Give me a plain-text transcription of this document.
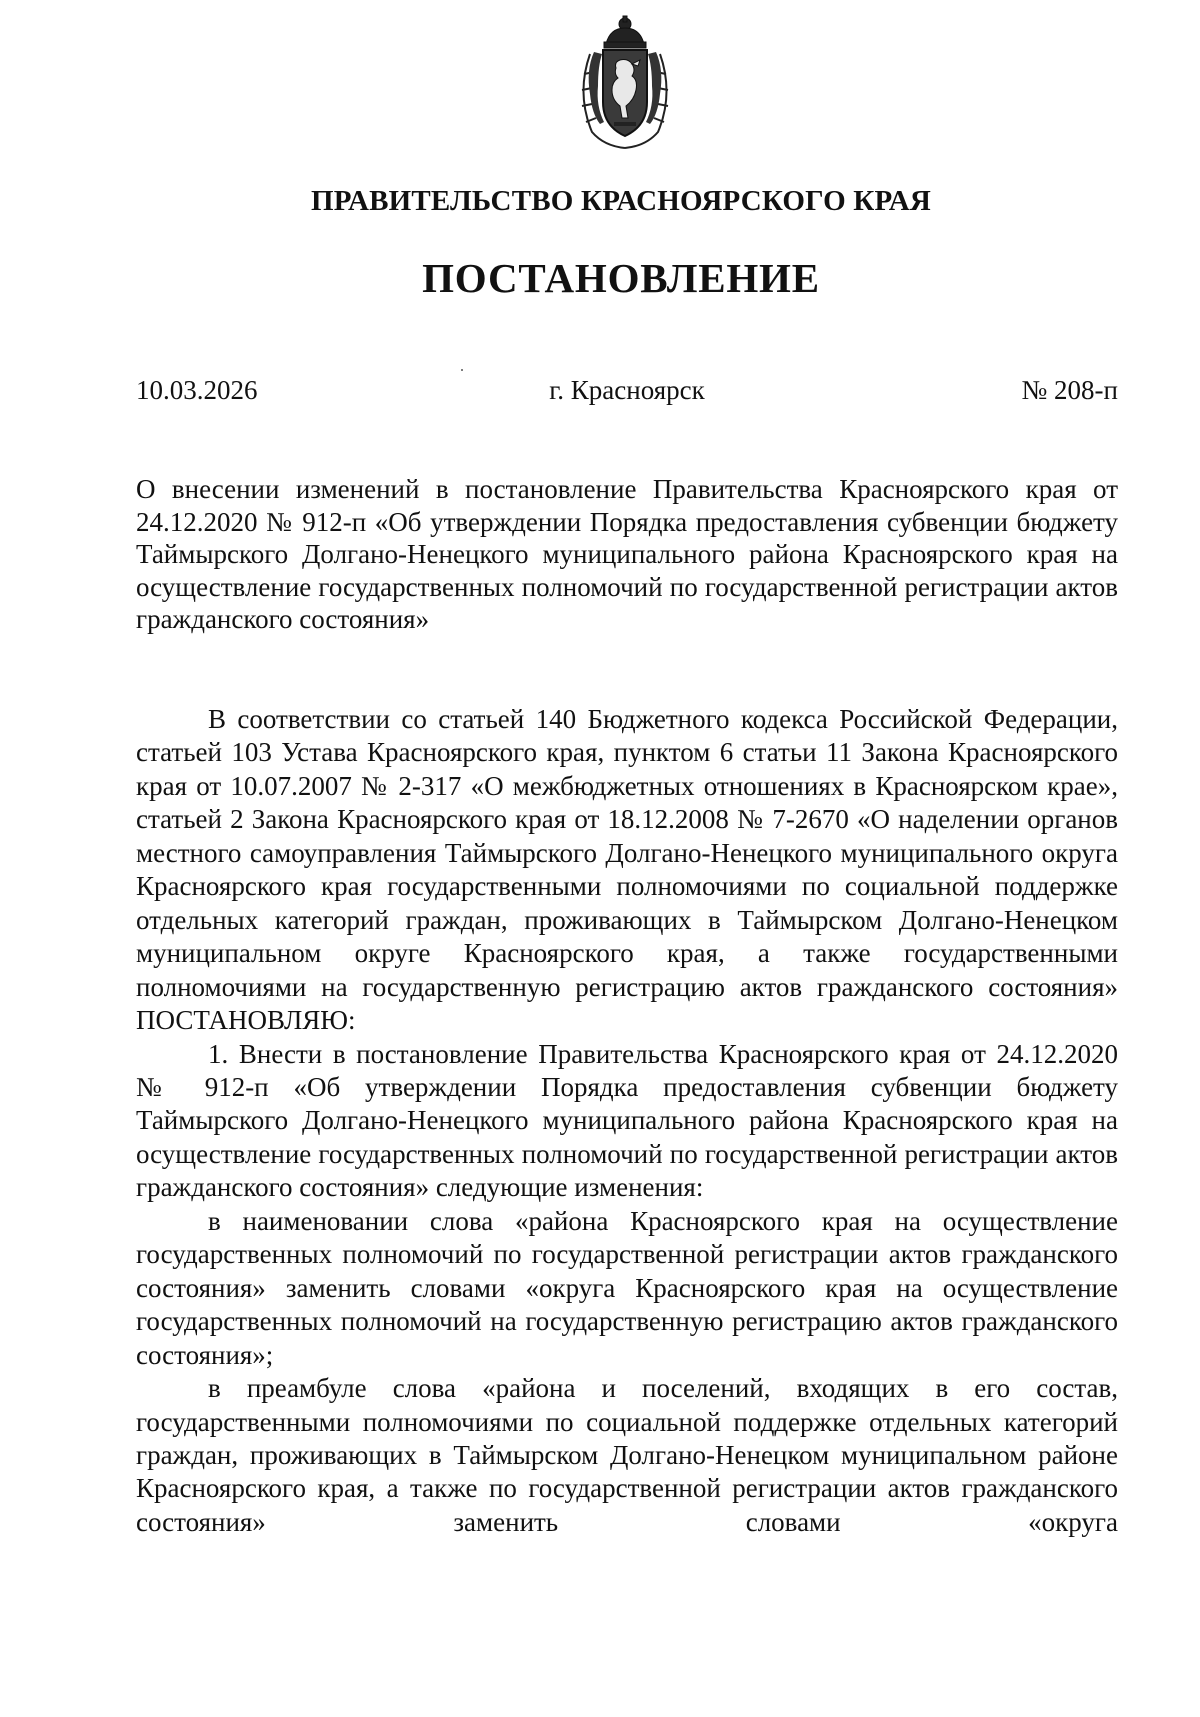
ПРАВИТЕЛЬСТВО КРАСНОЯРСКОГО КРАЯ
ПОСТАНОВЛЕНИЕ
10.03.2026	г. Красноярск	№ 208-п
О внесении изменений в постановление Правительства Красноярского края от 24.12.2020 № 912-п «Об утверждении Порядка предоставления субвенции бюджету Таймырского Долгано-Ненецкого муниципального района Красноярского края на осуществление государственных полномочий по государственной регистрации актов гражданского состояния»

В соответствии со статьей 140 Бюджетного кодекса Российской Федерации, статьей 103 Устава Красноярского края, пунктом 6 статьи 11 Закона Красноярского края от 10.07.2007 № 2-317 «О межбюджетных отношениях в Красноярском крае», статьей 2 Закона Красноярского края от 18.12.2008 № 7-2670 «О наделении органов местного самоуправления Таймырского Долгано-Ненецкого муниципального округа Красноярского края государственными полномочиями по социальной поддержке отдельных категорий граждан, проживающих в Таймырском Долгано-Ненецком муниципальном округе Красноярского края, а также государственными полномочиями на государственную регистрацию актов гражданского состояния» ПОСТАНОВЛЯЮ:

1. Внести в постановление Правительства Красноярского края от 24.12.2020 № 912-п «Об утверждении Порядка предоставления субвенции бюджету Таймырского Долгано-Ненецкого муниципального района Красноярского края на осуществление государственных полномочий по государственной регистрации актов гражданского состояния» следующие изменения:

в наименовании слова «района Красноярского края на осуществление государственных полномочий по государственной регистрации актов гражданского состояния» заменить словами «округа Красноярского края на осуществление государственных полномочий на государственную регистрацию актов гражданского состояния»;

в преамбуле слова «района и поселений, входящих в его состав, государственными полномочиями по социальной поддержке отдельных категорий граждан, проживающих в Таймырском Долгано-Ненецком муниципальном районе Красноярского края, а также по государственной регистрации актов гражданского состояния» заменить словами «округа
